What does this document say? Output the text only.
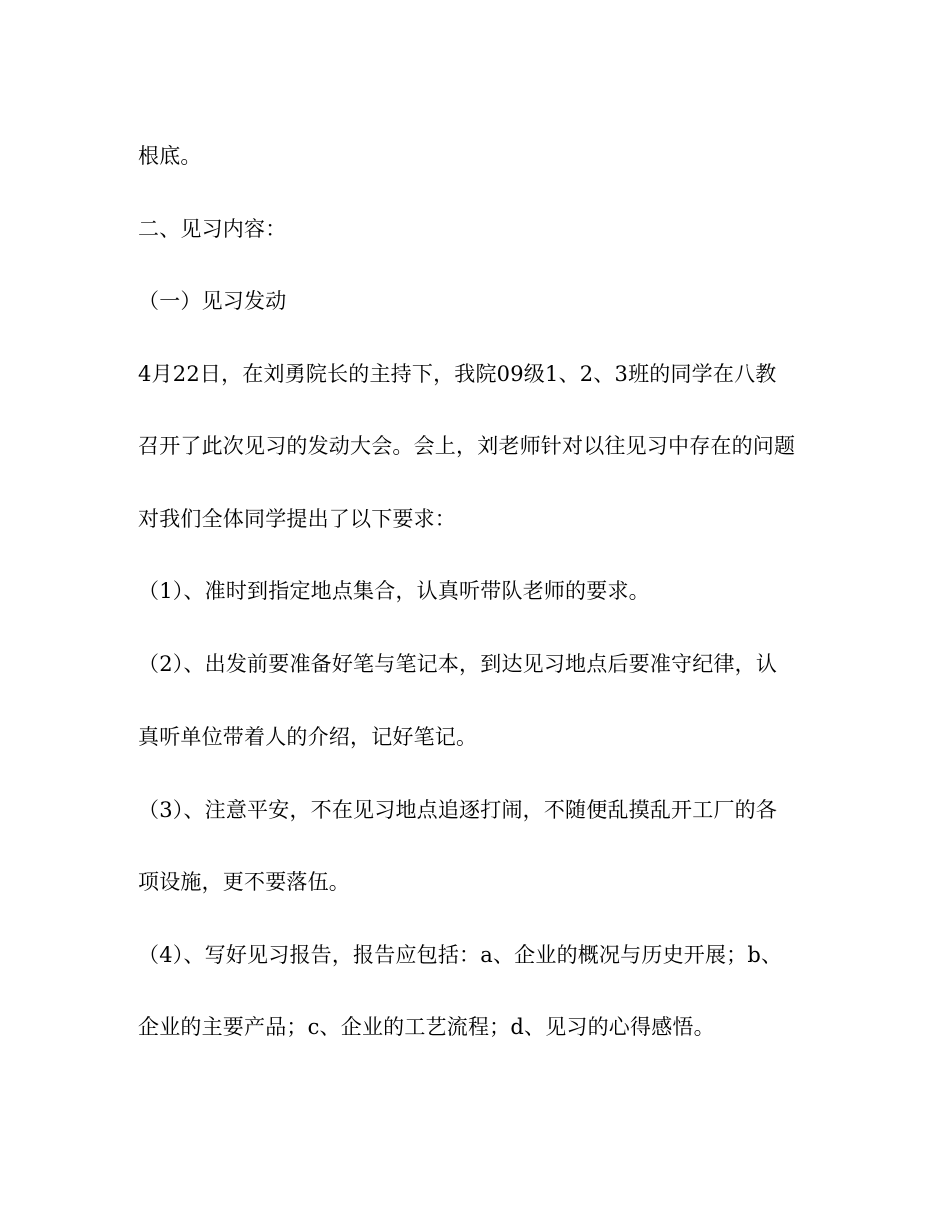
根底。
二、见习内容：
（一）见习发动
4月22日，在刘勇院长的主持下，我院09级1、2、3班的同学在八教
召开了此次见习的发动大会。会上，刘老师针对以往见习中存在的问题
对我们全体同学提出了以下要求：
（1）、准时到指定地点集合，认真听带队老师的要求。
（2）、出发前要准备好笔与笔记本，到达见习地点后要准守纪律，认
真听单位带着人的介绍，记好笔记。
（3）、注意平安，不在见习地点追逐打闹，不随便乱摸乱开工厂的各
项设施，更不要落伍。
（4）、写好见习报告，报告应包括：a、企业的概况与历史开展；b、
企业的主要产品；c、企业的工艺流程；d、见习的心得感悟。
